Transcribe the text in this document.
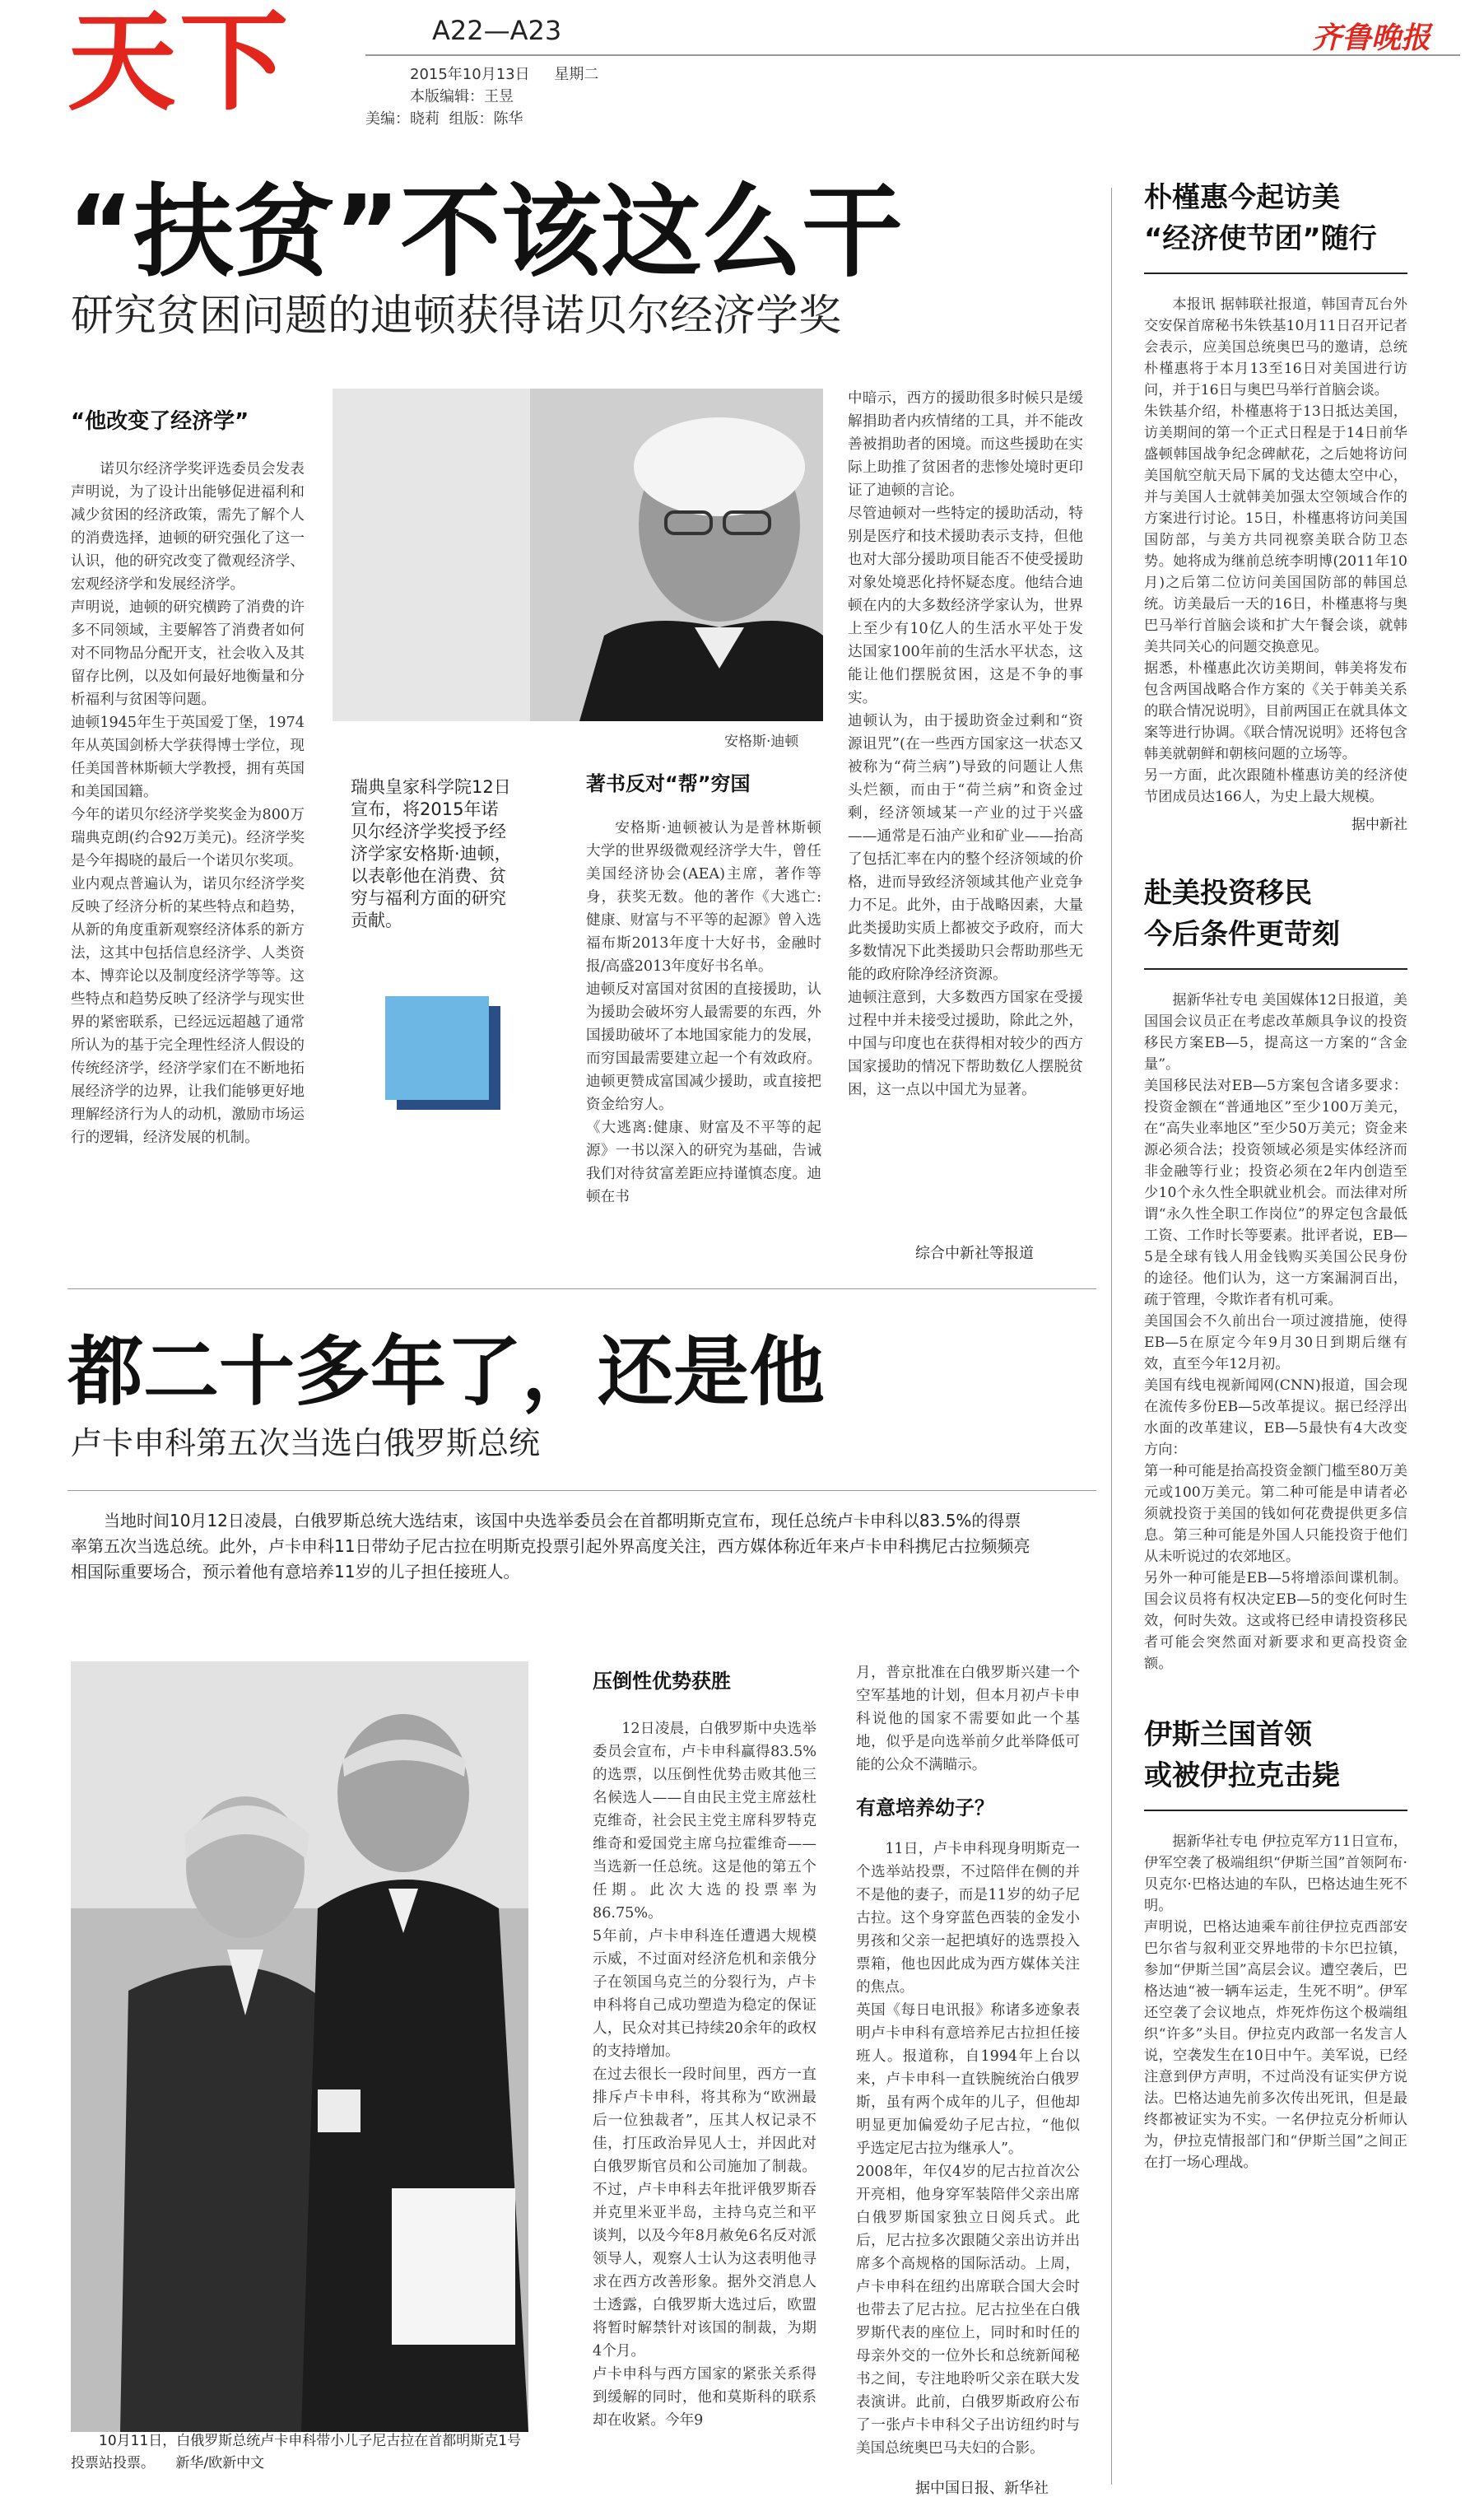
天下	A22—A23
2015年10月13日 星期二
本版编辑：王昱
美编：晓莉  组版：陈华
齐鲁晚报
“扶贫”不该这么干
研究贫困问题的迪顿获得诺贝尔经济学奖
“他改变了经济学”

诺贝尔经济学奖评选委员会发表声明说，为了设计出能够促进福利和减少贫困的经济政策，需先了解个人的消费选择，迪顿的研究强化了这一认识，他的研究改变了微观经济学、宏观经济学和发展经济学。
声明说，迪顿的研究横跨了消费的许多不同领域，主要解答了消费者如何对不同物品分配开支，社会收入及其留存比例，以及如何最好地衡量和分析福利与贫困等问题。
迪顿1945年生于英国爱丁堡，1974年从英国剑桥大学获得博士学位，现任美国普林斯顿大学教授，拥有英国和美国国籍。
今年的诺贝尔经济学奖奖金为800万瑞典克朗(约合92万美元)。经济学奖是今年揭晓的最后一个诺贝尔奖项。
业内观点普遍认为，诺贝尔经济学奖反映了经济分析的某些特点和趋势，从新的角度重新观察经济体系的新方法，这其中包括信息经济学、人类资本、博弈论以及制度经济学等等。这些特点和趋势反映了经济学与现实世界的紧密联系，已经远远超越了通常所认为的基于完全理性经济人假设的传统经济学，经济学家们在不断地拓展经济学的边界，让我们能够更好地理解经济行为人的动机，激励市场运行的逻辑，经济发展的机制。

安格斯·迪顿
瑞典皇家科学院12日宣布，将2015年诺贝尔经济学奖授予经济学家安格斯·迪顿，以表彰他在消费、贫穷与福利方面的研究贡献。
著书反对“帮”穷国

安格斯·迪顿被认为是普林斯顿大学的世界级微观经济学大牛，曾任美国经济协会(AEA)主席，著作等身，获奖无数。他的著作《大逃亡:健康、财富与不平等的起源》曾入选福布斯2013年度十大好书，金融时报/高盛2013年度好书名单。
迪顿反对富国对贫困的直接援助，认为援助会破坏穷人最需要的东西，外国援助破坏了本地国家能力的发展，而穷国最需要建立起一个有效政府。迪顿更赞成富国减少援助，或直接把资金给穷人。
《大逃离:健康、财富及不平等的起源》一书以深入的研究为基础，告诫我们对待贫富差距应持谨慎态度。迪顿在书

中暗示，西方的援助很多时候只是缓解捐助者内疚情绪的工具，并不能改善被捐助者的困境。而这些援助在实际上助推了贫困者的悲惨处境时更印证了迪顿的言论。
尽管迪顿对一些特定的援助活动，特别是医疗和技术援助表示支持，但他也对大部分援助项目能否不使受援助对象处境恶化持怀疑态度。他结合迪顿在内的大多数经济学家认为，世界上至少有10亿人的生活水平处于发达国家100年前的生活水平状态，这能让他们摆脱贫困，这是不争的事实。
迪顿认为，由于援助资金过剩和“资源诅咒”(在一些西方国家这一状态又被称为“荷兰病”)导致的问题让人焦头烂额，而由于“荷兰病”和资金过剩，经济领域某一产业的过于兴盛——通常是石油产业和矿业——抬高了包括汇率在内的整个经济领域的价格，进而导致经济领域其他产业竞争力不足。此外，由于战略因素，大量此类援助实质上都被交予政府，而大多数情况下此类援助只会帮助那些无能的政府除净经济资源。
迪顿注意到，大多数西方国家在受援过程中并未接受过援助，除此之外，中国与印度也在获得相对较少的西方国家援助的情况下帮助数亿人摆脱贫困，这一点以中国尤为显著。

综合中新社等报道
都二十多年了，还是他
卢卡申科第五次当选白俄罗斯总统
当地时间10月12日凌晨，白俄罗斯总统大选结束，该国中央选举委员会在首都明斯克宣布，现任总统卢卡申科以83.5%的得票率第五次当选总统。此外，卢卡申科11日带幼子尼古拉在明斯克投票引起外界高度关注，西方媒体称近年来卢卡申科携尼古拉频频亮相国际重要场合，预示着他有意培养11岁的儿子担任接班人。
10月11日，白俄罗斯总统卢卡申科带小儿子尼古拉在首都明斯克1号投票站投票。 新华/欧新中文
压倒性优势获胜

12日凌晨，白俄罗斯中央选举委员会宣布，卢卡申科赢得83.5%的选票，以压倒性优势击败其他三名候选人——自由民主党主席兹杜克维奇，社会民主党主席科罗特克维奇和爱国党主席乌拉霍维奇——当选新一任总统。这是他的第五个任期。此次大选的投票率为86.75%。
5年前，卢卡申科连任遭遇大规模示威，不过面对经济危机和亲俄分子在领国乌克兰的分裂行为，卢卡申科将自己成功塑造为稳定的保证人，民众对其已持续20余年的政权的支持增加。
在过去很长一段时间里，西方一直排斥卢卡申科，将其称为“欧洲最后一位独裁者”，压其人权记录不佳，打压政治异见人士，并因此对白俄罗斯官员和公司施加了制裁。不过，卢卡申科去年批评俄罗斯吞并克里米亚半岛，主持乌克兰和平谈判，以及今年8月赦免6名反对派领导人，观察人士认为这表明他寻求在西方改善形象。据外交消息人士透露，白俄罗斯大选过后，欧盟将暂时解禁针对该国的制裁，为期4个月。
卢卡申科与西方国家的紧张关系得到缓解的同时，他和莫斯科的联系却在收紧。今年9

月，普京批准在白俄罗斯兴建一个空军基地的计划，但本月初卢卡申科说他的国家不需要如此一个基地，似乎是向选举前夕此举降低可能的公众不满瞄示。

有意培养幼子？

11日，卢卡申科现身明斯克一个选举站投票，不过陪伴在侧的并不是他的妻子，而是11岁的幼子尼古拉。这个身穿蓝色西装的金发小男孩和父亲一起把填好的选票投入票箱，他也因此成为西方媒体关注的焦点。
英国《每日电讯报》称诸多迹象表明卢卡申科有意培养尼古拉担任接班人。报道称，自1994年上台以来，卢卡申科一直铁腕统治白俄罗斯，虽有两个成年的儿子，但他却明显更加偏爱幼子尼古拉，“他似乎选定尼古拉为继承人”。
2008年，年仅4岁的尼古拉首次公开亮相，他身穿军装陪伴父亲出席白俄罗斯国家独立日阅兵式。此后，尼古拉多次跟随父亲出访并出席多个高规格的国际活动。上周，卢卡申科在纽约出席联合国大会时也带去了尼古拉。尼古拉坐在白俄罗斯代表的座位上，同时和时任的母亲外交的一位外长和总统新闻秘书之间，专注地聆听父亲在联大发表演讲。此前，白俄罗斯政府公布了一张卢卡申科父子出访纽约时与美国总统奥巴马夫妇的合影。

据中国日报、新华社
朴槿惠今起访美
“经济使节团”随行

本报讯 据韩联社报道，韩国青瓦台外交安保首席秘书朱铁基10月11日召开记者会表示，应美国总统奥巴马的邀请，总统朴槿惠将于本月13至16日对美国进行访问，并于16日与奥巴马举行首脑会谈。
朱铁基介绍，朴槿惠将于13日抵达美国，访美期间的第一个正式日程是于14日前华盛顿韩国战争纪念碑献花，之后她将访问美国航空航天局下属的戈达德太空中心，并与美国人士就韩美加强太空领域合作的方案进行讨论。15日，朴槿惠将访问美国国防部，与美方共同视察美联合防卫态势。她将成为继前总统李明博(2011年10月)之后第二位访问美国国防部的韩国总统。访美最后一天的16日，朴槿惠将与奥巴马举行首脑会谈和扩大午餐会谈，就韩美共同关心的问题交换意见。
据悉，朴槿惠此次访美期间，韩美将发布包含两国战略合作方案的《关于韩美关系的联合情况说明》，目前两国正在就具体文案等进行协调。《联合情况说明》还将包含韩美就朝鲜和朝核问题的立场等。
另一方面，此次跟随朴槿惠访美的经济使节团成员达166人，为史上最大规模。

据中新社
赴美投资移民
今后条件更苛刻

据新华社专电 美国媒体12日报道，美国国会议员正在考虑改革颇具争议的投资移民方案EB—5，提高这一方案的“含金量”。
美国移民法对EB—5方案包含诸多要求：投资金额在“普通地区”至少100万美元，在“高失业率地区”至少50万美元；资金来源必须合法；投资领域必须是实体经济而非金融等行业；投资必须在2年内创造至少10个永久性全职就业机会。而法律对所谓“永久性全职工作岗位”的界定包含最低工资、工作时长等要素。批评者说，EB—5是全球有钱人用金钱购买美国公民身份的途径。他们认为，这一方案漏洞百出，疏于管理，令欺诈者有机可乘。
美国国会不久前出台一项过渡措施，使得EB—5在原定今年9月30日到期后继有效，直至今年12月初。
美国有线电视新闻网(CNN)报道，国会现在流传多份EB—5改革提议。据已经浮出水面的改革建议，EB—5最快有4大改变方向：
第一种可能是抬高投资金额门槛至80万美元或100万美元。第二种可能是申请者必须就投资于美国的钱如何花费提供更多信息。第三种可能是外国人只能投资于他们从未听说过的农郊地区。
另外一种可能是EB—5将增添间谍机制。国会议员将有权决定EB—5的变化何时生效，何时失效。这或将已经申请投资移民者可能会突然面对新要求和更高投资金额。

伊斯兰国首领
或被伊拉克击毙

据新华社专电 伊拉克军方11日宣布，伊军空袭了极端组织“伊斯兰国”首领阿布·贝克尔·巴格达迪的车队，巴格达迪生死不明。
声明说，巴格达迪乘车前往伊拉克西部安巴尔省与叙利亚交界地带的卡尔巴拉镇，参加“伊斯兰国”高层会议。遭空袭后，巴格达迪“被一辆车运走，生死不明”。伊军还空袭了会议地点，炸死炸伤这个极端组织“许多”头目。伊拉克内政部一名发言人说，空袭发生在10日中午。美军说，已经注意到伊方声明，不过尚没有证实伊方说法。巴格达迪先前多次传出死讯，但是最终都被证实为不实。一名伊拉克分析师认为，伊拉克情报部门和“伊斯兰国”之间正在打一场心理战。
